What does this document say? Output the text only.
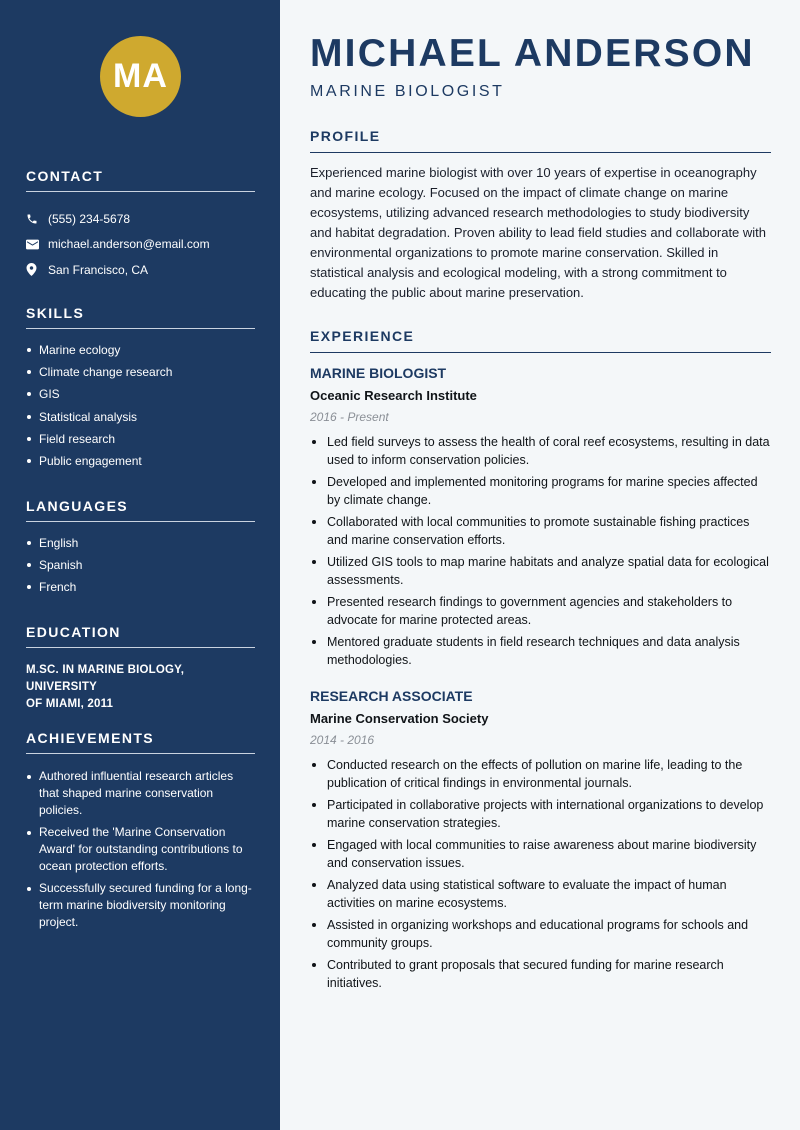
MA
CONTACT
(555) 234-5678
michael.anderson@email.com
San Francisco, CA
SKILLS
Marine ecology
Climate change research
GIS
Statistical analysis
Field research
Public engagement
LANGUAGES
English
Spanish
French
EDUCATION
M.SC. IN MARINE BIOLOGY, UNIVERSITY
OF MIAMI, 2011
ACHIEVEMENTS
Authored influential research articles that shaped marine conservation policies.
Received the 'Marine Conservation Award' for outstanding contributions to ocean protection efforts.
Successfully secured funding for a long-term marine biodiversity monitoring project.
MICHAEL ANDERSON
MARINE BIOLOGIST
PROFILE
Experienced marine biologist with over 10 years of expertise in oceanography and marine ecology. Focused on the impact of climate change on marine ecosystems, utilizing advanced research methodologies to study biodiversity and habitat degradation. Proven ability to lead field studies and collaborate with environmental organizations to promote marine conservation. Skilled in statistical analysis and ecological modeling, with a strong commitment to educating the public about marine preservation.
EXPERIENCE
MARINE BIOLOGIST
Oceanic Research Institute
2016 - Present
Led field surveys to assess the health of coral reef ecosystems, resulting in data used to inform conservation policies.
Developed and implemented monitoring programs for marine species affected by climate change.
Collaborated with local communities to promote sustainable fishing practices and marine conservation efforts.
Utilized GIS tools to map marine habitats and analyze spatial data for ecological assessments.
Presented research findings to government agencies and stakeholders to advocate for marine protected areas.
Mentored graduate students in field research techniques and data analysis methodologies.
RESEARCH ASSOCIATE
Marine Conservation Society
2014 - 2016
Conducted research on the effects of pollution on marine life, leading to the publication of critical findings in environmental journals.
Participated in collaborative projects with international organizations to develop marine conservation strategies.
Engaged with local communities to raise awareness about marine biodiversity and conservation issues.
Analyzed data using statistical software to evaluate the impact of human activities on marine ecosystems.
Assisted in organizing workshops and educational programs for schools and community groups.
Contributed to grant proposals that secured funding for marine research initiatives.
